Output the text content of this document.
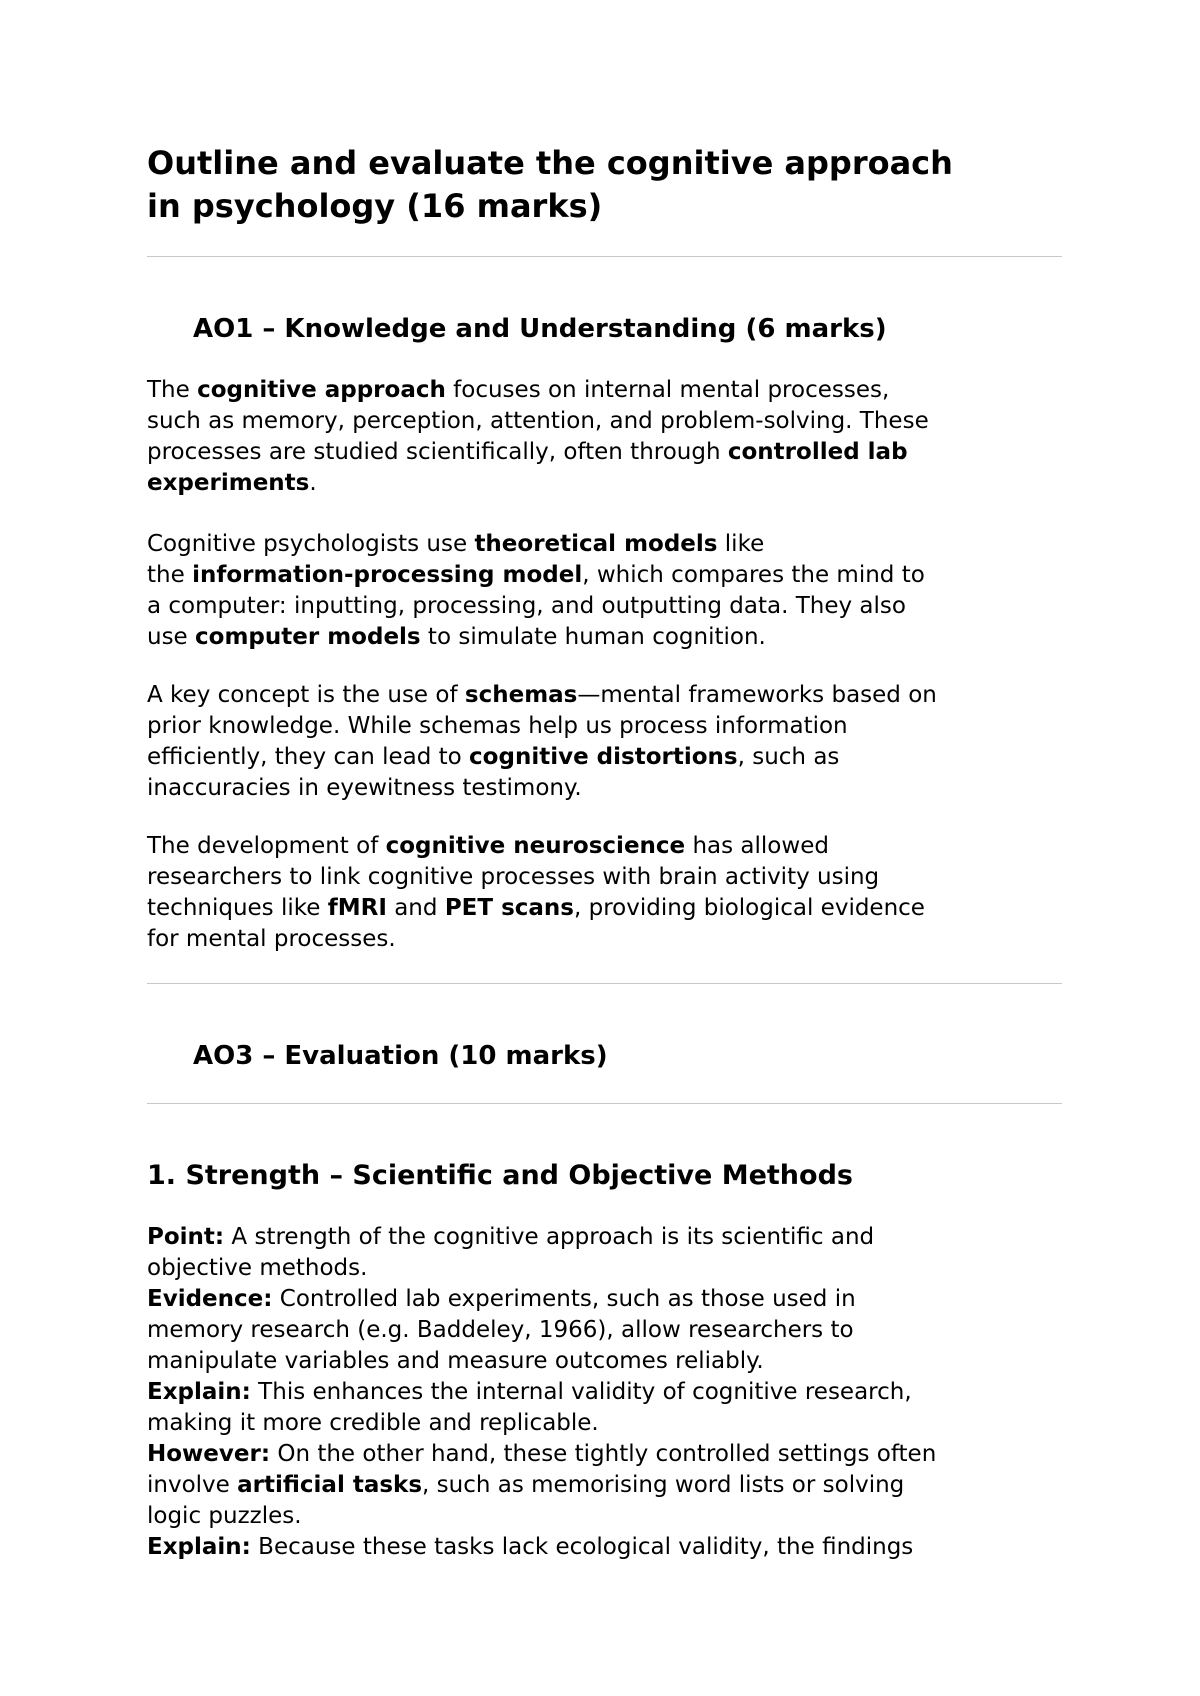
Outline and evaluate the cognitive approach
in psychology (16 marks)
AO1 – Knowledge and Understanding (6 marks)
The cognitive approach focuses on internal mental processes,
such as memory, perception, attention, and problem-solving. These
processes are studied scientifically, often through controlled lab
experiments.
Cognitive psychologists use theoretical models like
the information-processing model, which compares the mind to
a computer: inputting, processing, and outputting data. They also
use computer models to simulate human cognition.
A key concept is the use of schemas—mental frameworks based on
prior knowledge. While schemas help us process information
efficiently, they can lead to cognitive distortions, such as
inaccuracies in eyewitness testimony.
The development of cognitive neuroscience has allowed
researchers to link cognitive processes with brain activity using
techniques like fMRI and PET scans, providing biological evidence
for mental processes.
AO3 – Evaluation (10 marks)
1. Strength – Scientific and Objective Methods
Point: A strength of the cognitive approach is its scientific and
objective methods.
Evidence: Controlled lab experiments, such as those used in
memory research (e.g. Baddeley, 1966), allow researchers to
manipulate variables and measure outcomes reliably.
Explain: This enhances the internal validity of cognitive research,
making it more credible and replicable.
However: On the other hand, these tightly controlled settings often
involve artificial tasks, such as memorising word lists or solving
logic puzzles.
Explain: Because these tasks lack ecological validity, the findings
